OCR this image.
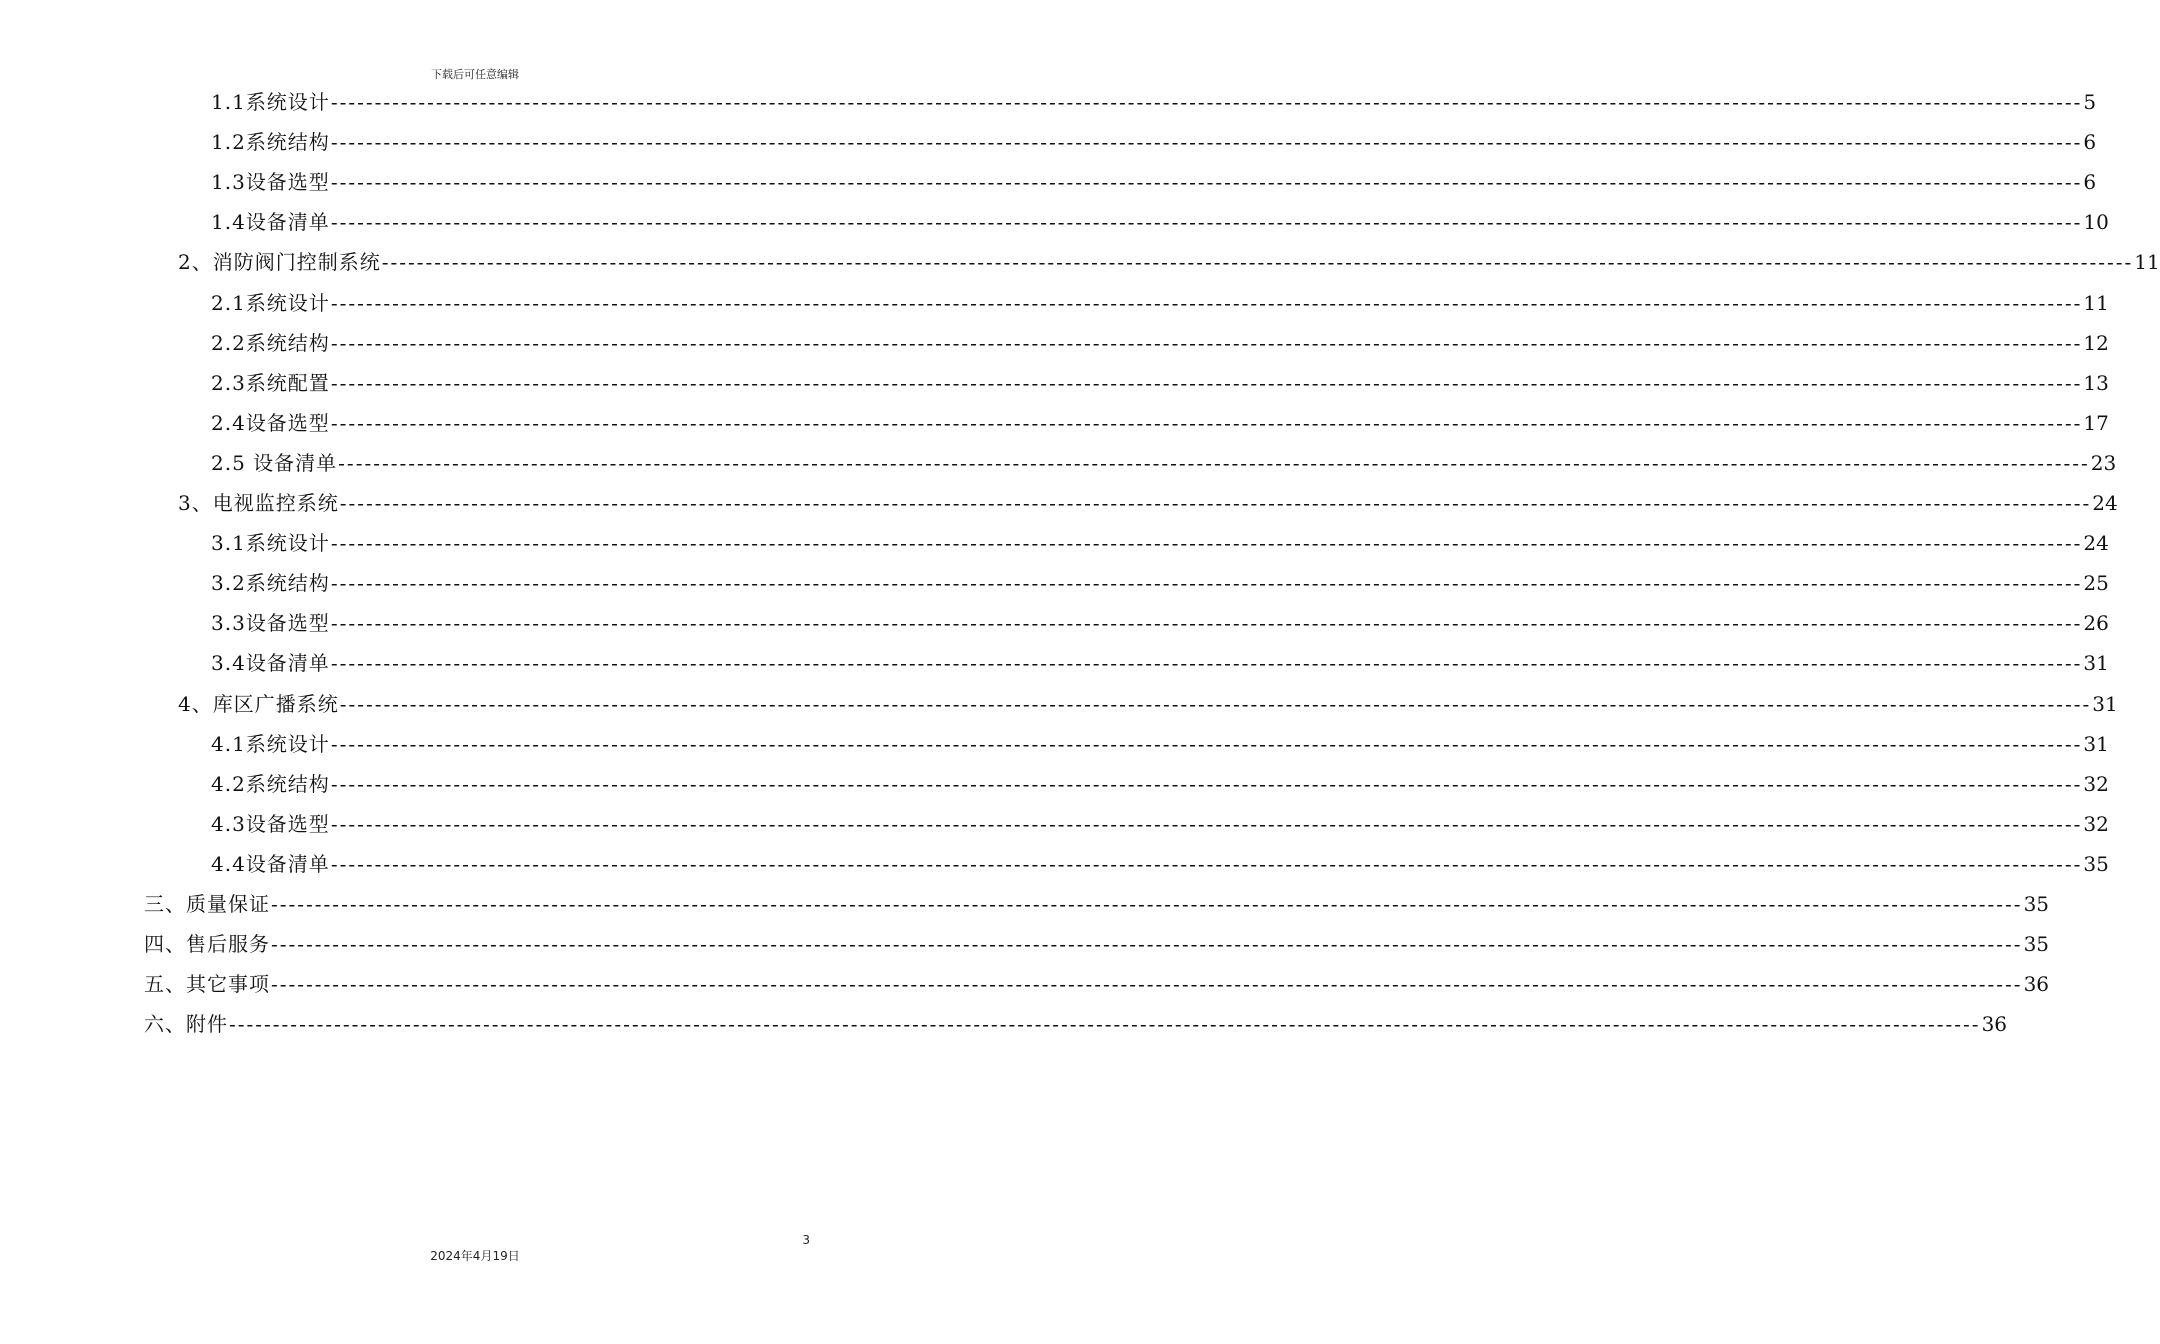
下载后可任意编辑
1.1 系统设计 -------------------------------------------------------------------------------------------------------------------------------------------------------------------------------------------------------- 5
1.2 系统结构 -------------------------------------------------------------------------------------------------------------------------------------------------------------------------------------------------------- 6
1.3 设备选型 -------------------------------------------------------------------------------------------------------------------------------------------------------------------------------------------------------- 6
1.4 设备清单 -------------------------------------------------------------------------------------------------------------------------------------------------------------------------------------------------------- 10
2、 消防阀门控制系统 -------------------------------------------------------------------------------------------------------------------------------------------------------------------------------------------------------- 11
2.1 系统设计 -------------------------------------------------------------------------------------------------------------------------------------------------------------------------------------------------------- 11
2.2 系统结构 -------------------------------------------------------------------------------------------------------------------------------------------------------------------------------------------------------- 12
2.3 系统配置 -------------------------------------------------------------------------------------------------------------------------------------------------------------------------------------------------------- 13
2.4 设备选型 -------------------------------------------------------------------------------------------------------------------------------------------------------------------------------------------------------- 17
2.5 设备清单 -------------------------------------------------------------------------------------------------------------------------------------------------------------------------------------------------------- 23
3、 电视监控系统 -------------------------------------------------------------------------------------------------------------------------------------------------------------------------------------------------------- 24
3.1 系统设计 -------------------------------------------------------------------------------------------------------------------------------------------------------------------------------------------------------- 24
3.2 系统结构 -------------------------------------------------------------------------------------------------------------------------------------------------------------------------------------------------------- 25
3.3 设备选型 -------------------------------------------------------------------------------------------------------------------------------------------------------------------------------------------------------- 26
3.4 设备清单 -------------------------------------------------------------------------------------------------------------------------------------------------------------------------------------------------------- 31
4、 库区广播系统 -------------------------------------------------------------------------------------------------------------------------------------------------------------------------------------------------------- 31
4.1 系统设计 -------------------------------------------------------------------------------------------------------------------------------------------------------------------------------------------------------- 31
4.2 系统结构 -------------------------------------------------------------------------------------------------------------------------------------------------------------------------------------------------------- 32
4.3 设备选型 -------------------------------------------------------------------------------------------------------------------------------------------------------------------------------------------------------- 32
4.4 设备清单 -------------------------------------------------------------------------------------------------------------------------------------------------------------------------------------------------------- 35
三、 质量保证 -------------------------------------------------------------------------------------------------------------------------------------------------------------------------------------------------------- 35
四、 售后服务 -------------------------------------------------------------------------------------------------------------------------------------------------------------------------------------------------------- 35
五、 其它事项 -------------------------------------------------------------------------------------------------------------------------------------------------------------------------------------------------------- 36
六、 附件 -------------------------------------------------------------------------------------------------------------------------------------------------------------------------------------------------------- 36
3
2024年4月19日
